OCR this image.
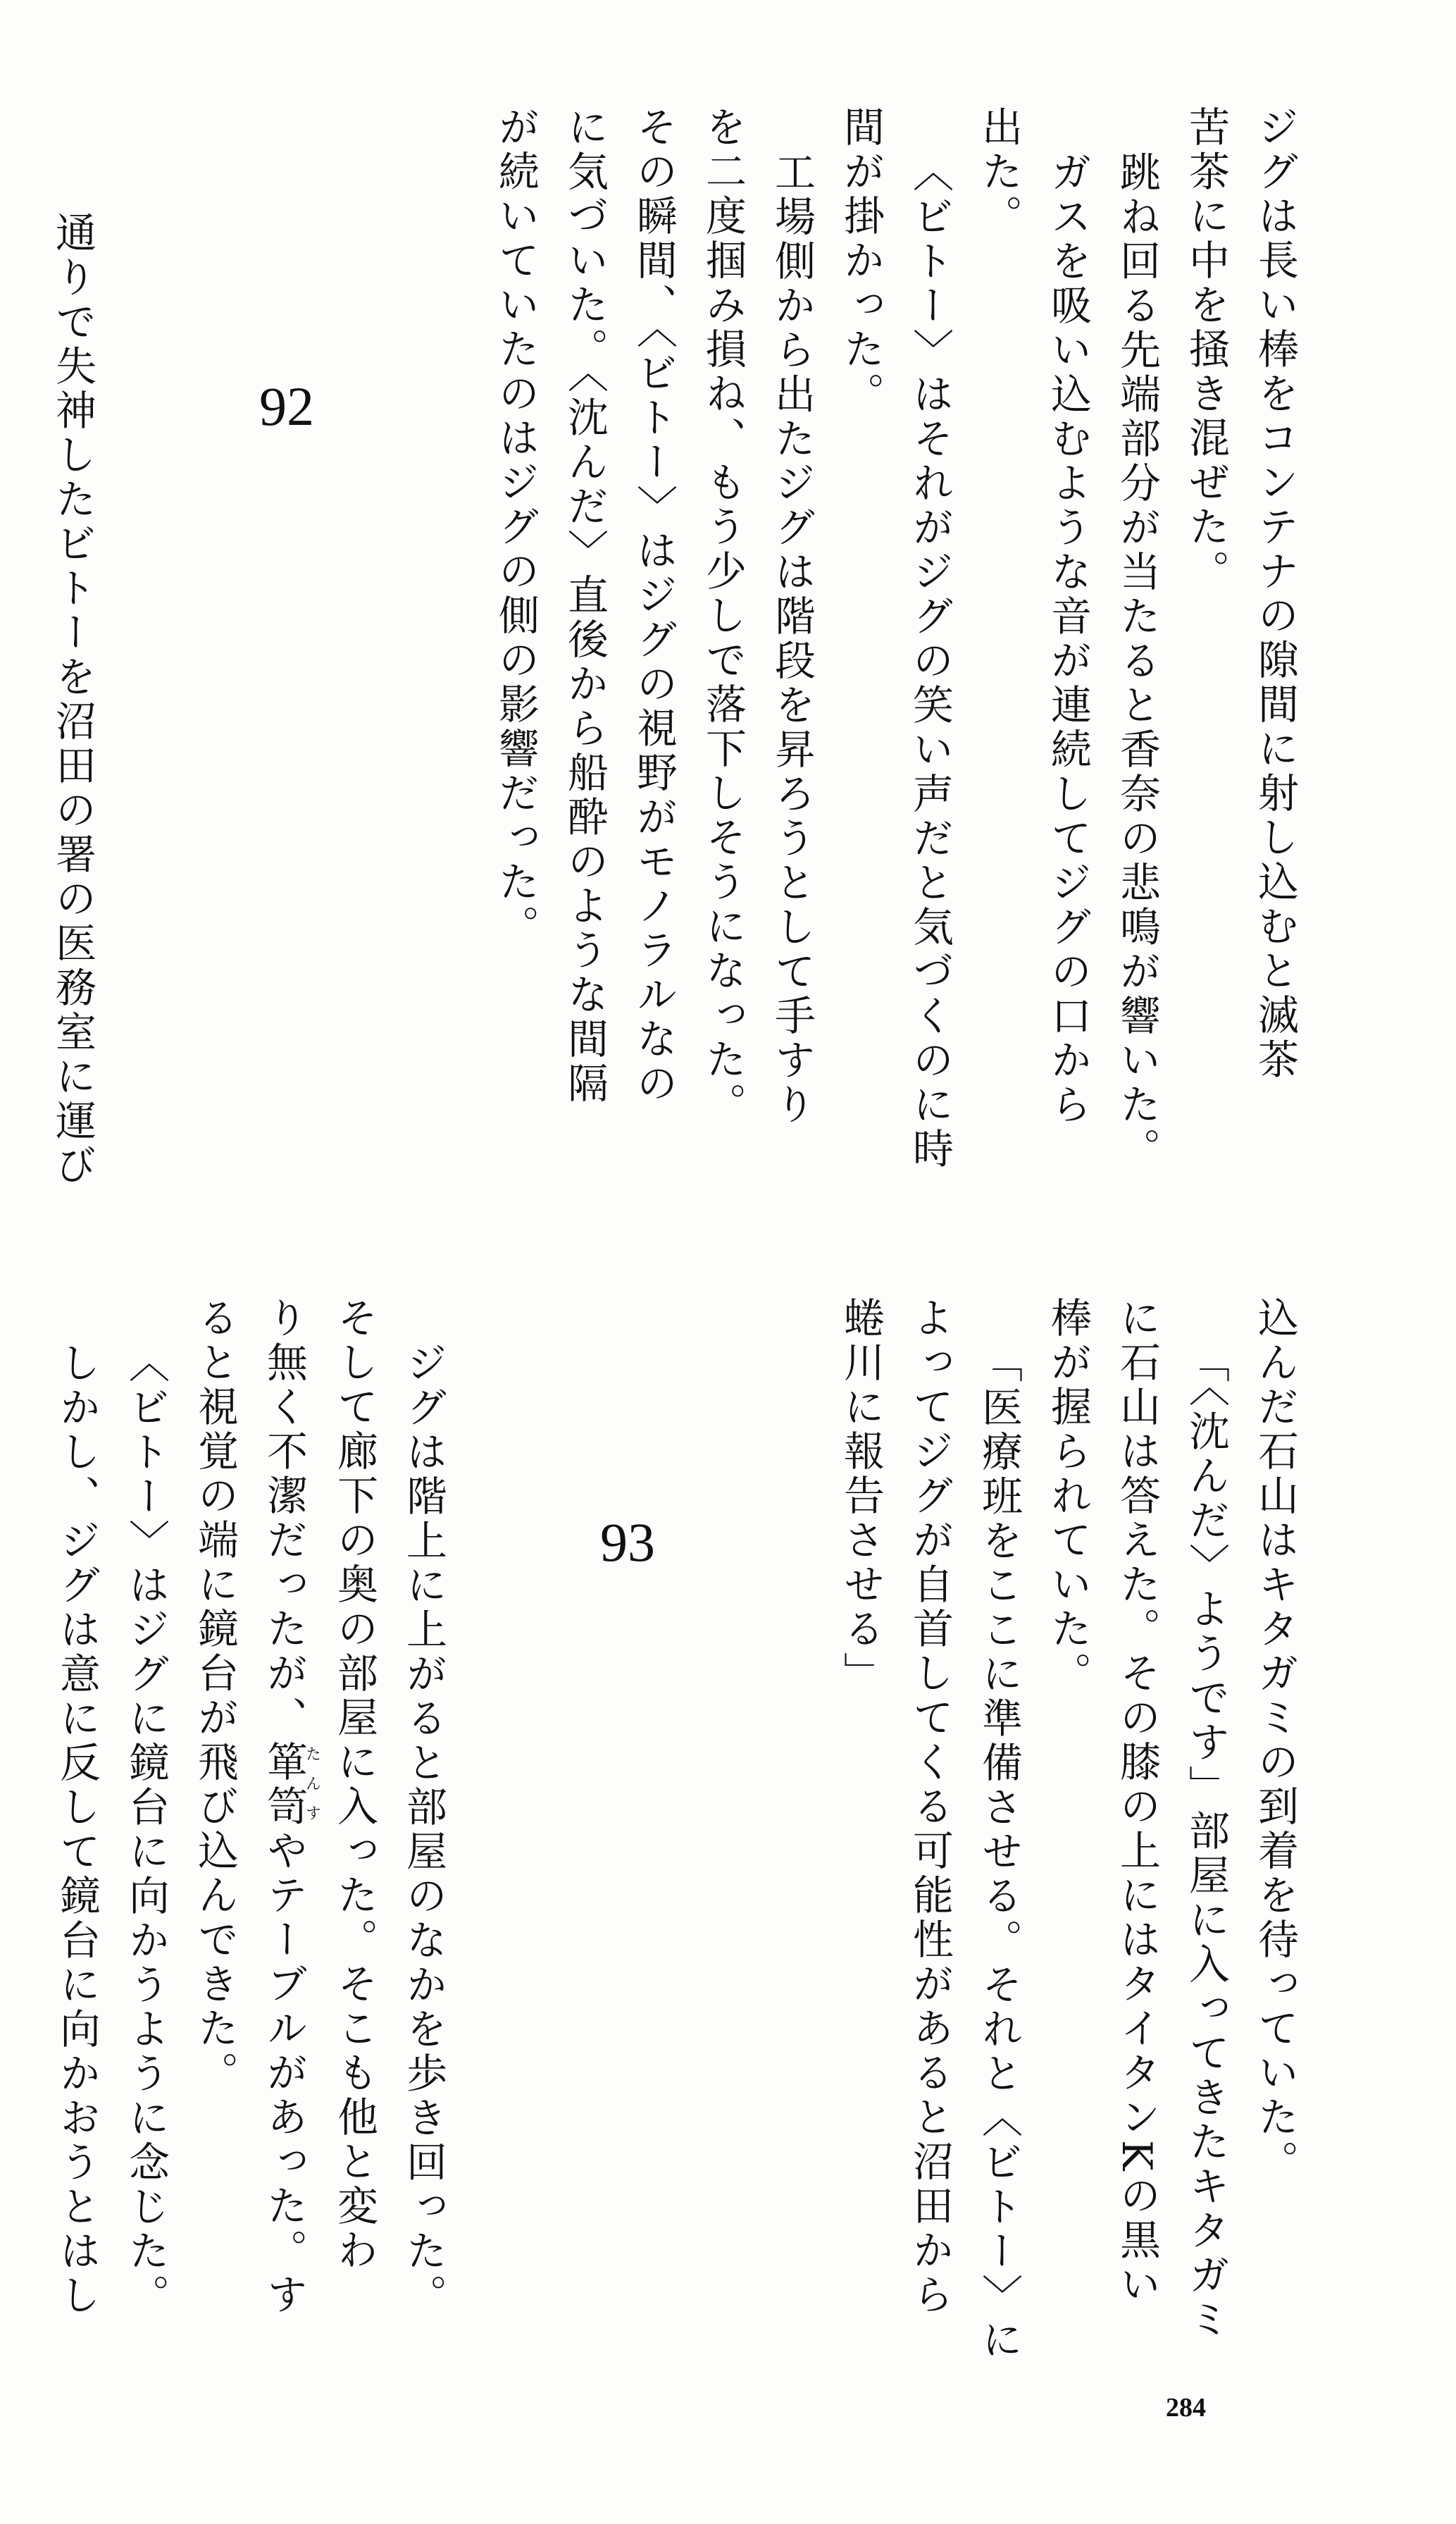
ジグは長い棒をコンテナの隙間に射し込むと滅茶
苦茶に中を掻き混ぜた。
跳ね回る先端部分が当たると香奈の悲鳴が響いた。
ガスを吸い込むような音が連続してジグの口から
出た。
〈ビトー〉はそれがジグの笑い声だと気づくのに時
間が掛かった。
工場側から出たジグは階段を昇ろうとして手すり
を二度掴み損ね、もう少しで落下しそうになった。
その瞬間、〈ビトー〉はジグの視野がモノラルなの
に気づいた。〈沈んだ〉直後から船酔のような間隔
が続いていたのはジグの側の影響だった。
92
通りで失神したビトーを沼田の署の医務室に運び
込んだ石山はキタガミの到着を待っていた。
「〈沈んだ〉ようです」部屋に入ってきたキタガミ
に石山は答えた。その膝の上にはタイタンKの黒い
棒が握られていた。
「医療班をここに準備させる。それと〈ビトー〉に
よってジグが自首してくる可能性があると沼田から
蜷川に報告させる」
93
ジグは階上に上がると部屋のなかを歩き回った。
そして廊下の奥の部屋に入った。そこも他と変わ
り無く不潔だったが、箪笥たんすやテーブルがあった。す
ると視覚の端に鏡台が飛び込んできた。
〈ビトー〉はジグに鏡台に向かうように念じた。
しかし、ジグは意に反して鏡台に向かおうとはし
284
